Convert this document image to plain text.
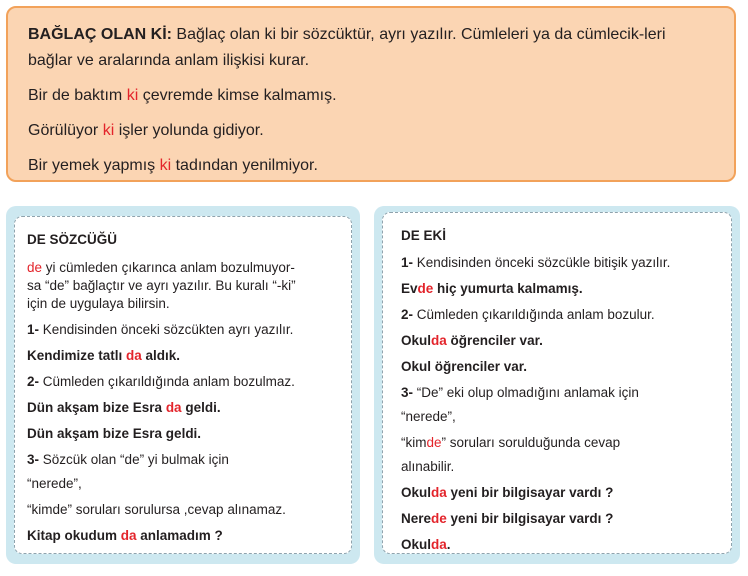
BAĞLAÇ OLAN Kİ: Bağlaç olan ki bir sözcüktür, ayrı yazılır. Cümleleri ya da cümlecik-leri bağlar ve aralarında anlam ilişkisi kurar.

Bir de baktım ki çevremde kimse kalmamış.

Görülüyor ki işler yolunda gidiyor.

Bir yemek yapmış ki tadından yenilmiyor.

DE SÖZCÜĞÜ

de yi cümleden çıkarınca anlam bozulmuyor-

sa “de” bağlaçtır ve ayrı yazılır. Bu kuralı “-ki”

için de uygulaya bilirsin.

1- Kendisinden önceki sözcükten ayrı yazılır.

Kendimize tatlı da aldık.

2- Cümleden çıkarıldığında anlam bozulmaz.

Dün akşam bize Esra da geldi.

Dün akşam bize Esra geldi.

3- Sözcük olan “de” yi bulmak için

“nerede”,

“kimde” soruları sorulursa ,cevap alınamaz.

Kitap okudum da anlamadım ?

DE EKİ

1- Kendisinden önceki sözcükle bitişik yazılır.

Evde hiç yumurta kalmamış.

2- Cümleden çıkarıldığında anlam bozulur.

Okulda öğrenciler var.

Okul öğrenciler var.

3- “De” eki olup olmadığını anlamak için

“nerede”,

“kimde” soruları sorulduğunda cevap

alınabilir.

Okulda yeni bir bilgisayar vardı ?

Nerede yeni bir bilgisayar vardı ?

Okulda.
